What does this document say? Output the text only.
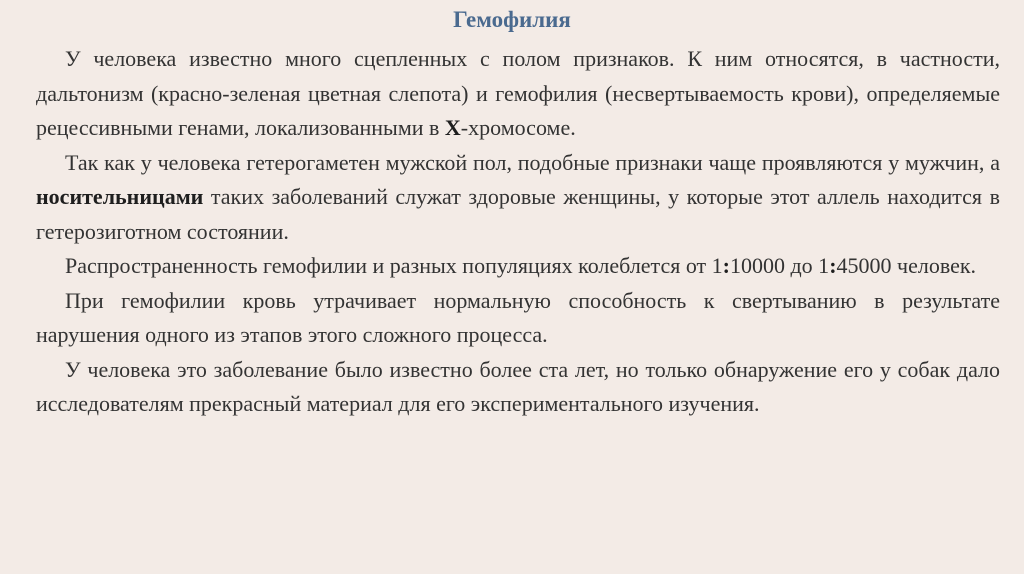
Гемофилия

У человека известно много сцепленных с полом признаков. К ним относятся, в частности, дальтонизм (красно-зеленая цветная слепота) и гемофилия (несвертываемость крови), определяемые рецессивными генами, локализованными в Х-хромосоме.

Так как у человека гетерогаметен мужской пол, подобные признаки чаще проявляются у мужчин, а носительницами таких заболеваний служат здоровые женщины, у которые этот аллель находится в гетерозиготном состоянии.

Распространенность гемофилии и разных популяциях колеблется от 1:10000 до 1:45000 человек.

При гемофилии кровь утрачивает нормальную способность к свертыванию в результате нарушения одного из этапов этого сложного процесса.

У человека это заболевание было известно более ста лет, но только обнаружение его у собак дало исследователям прекрасный материал для его экспериментального изучения.
